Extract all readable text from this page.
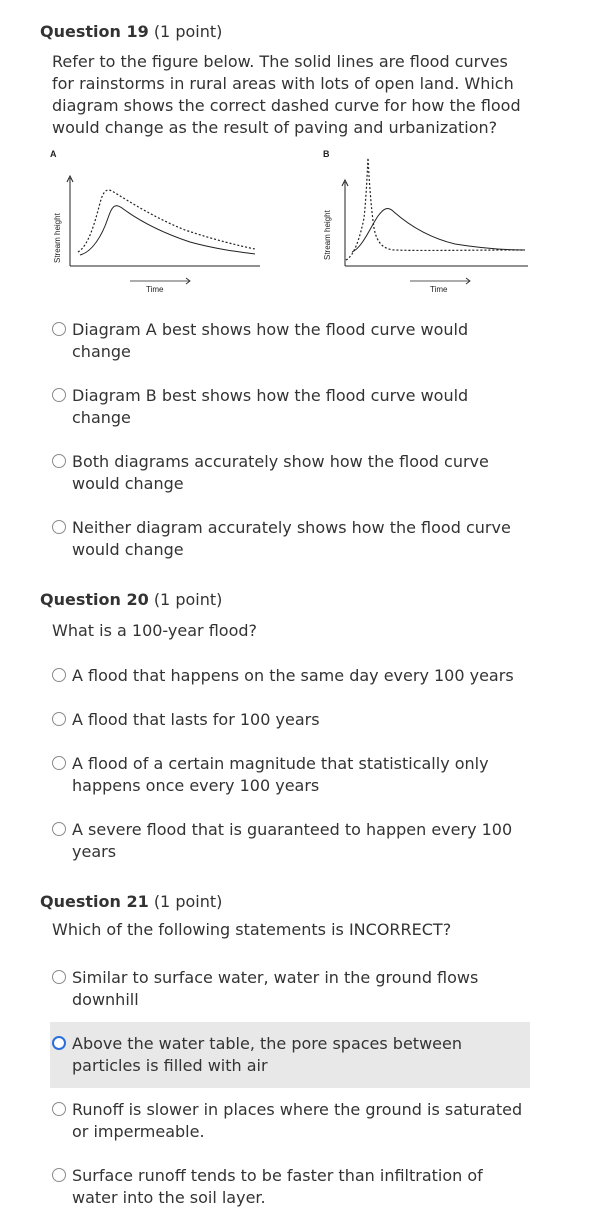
Question 19 (1 point)
Refer to the figure below. The solid lines are flood curves for rainstorms in rural areas with lots of open land. Which diagram shows the correct dashed curve for how the flood would change as the result of paving and urbanization?
A
Stream height
Time
B
Stream height
Time
Diagram A best shows how the flood curve would change
Diagram B best shows how the flood curve would change
Both diagrams accurately show how the flood curve would change
Neither diagram accurately shows how the flood curve would change
Question 20 (1 point)
What is a 100-year flood?
A flood that happens on the same day every 100 years
A flood that lasts for 100 years
A flood of a certain magnitude that statistically only happens once every 100 years
A severe flood that is guaranteed to happen every 100 years
Question 21 (1 point)
Which of the following statements is INCORRECT?
Similar to surface water, water in the ground flows downhill
Above the water table, the pore spaces between particles is filled with air
Runoff is slower in places where the ground is saturated or impermeable.
Surface runoff tends to be faster than infiltration of water into the soil layer.
